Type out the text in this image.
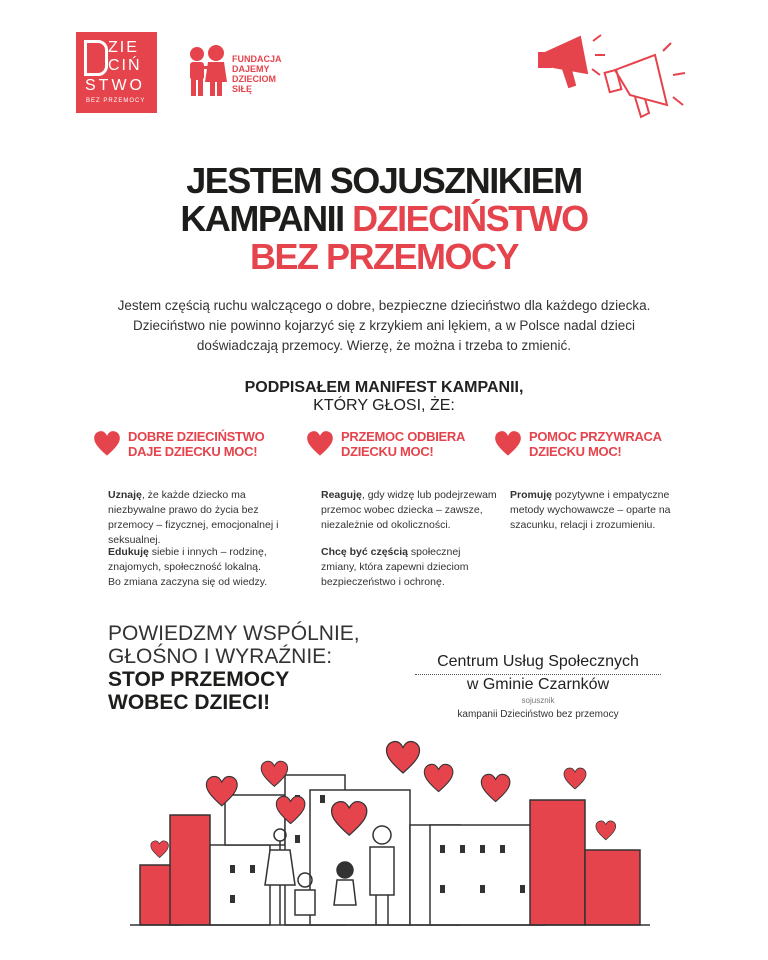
ZIE
CIŃ
STWO
BEZ PRZEMOCY
FUNDACJA
DAJEMY
DZIECIOM
SIŁĘ
JESTEM SOJUSZNIKIEM
KAMPANII DZIECIŃSTWO
BEZ PRZEMOCY
Jestem częścią ruchu walczącego o dobre, bezpieczne dzieciństwo dla każdego dziecka.
Dzieciństwo nie powinno kojarzyć się z krzykiem ani lękiem, a w Polsce nadal dzieci
doświadczają przemocy. Wierzę, że można i trzeba to zmienić.
PODPISAŁEM MANIFEST KAMPANII,
KTÓRY GŁOSI, ŻE:
DOBRE DZIECIŃSTWO
DAJE DZIECKU MOC!
PRZEMOC ODBIERA
DZIECKU MOC!
POMOC PRZYWRACA
DZIECKU MOC!
Uznaję, że każde dziecko ma niezbywalne prawo do życia bez przemocy – fizycznej, emocjonalnej i seksualnej.
Edukuję siebie i innych – rodzinę, znajomych, społeczność lokalną. Bo zmiana zaczyna się od wiedzy.
Reaguję, gdy widzę lub podejrzewam przemoc wobec dziecka – zawsze, niezależnie od okoliczności.
Chcę być częścią społecznej zmiany, która zapewni dzieciom bezpieczeństwo i ochronę.
Promuję pozytywne i empatyczne metody wychowawcze – oparte na szacunku, relacji i zrozumieniu.
POWIEDZMY WSPÓLNIE,
GŁOŚNO I WYRAŹNIE:
STOP PRZEMOCY
WOBEC DZIECI!
Centrum Usług Społecznych
w Gminie Czarnków
sojusznik
kampanii Dzieciństwo bez przemocy
